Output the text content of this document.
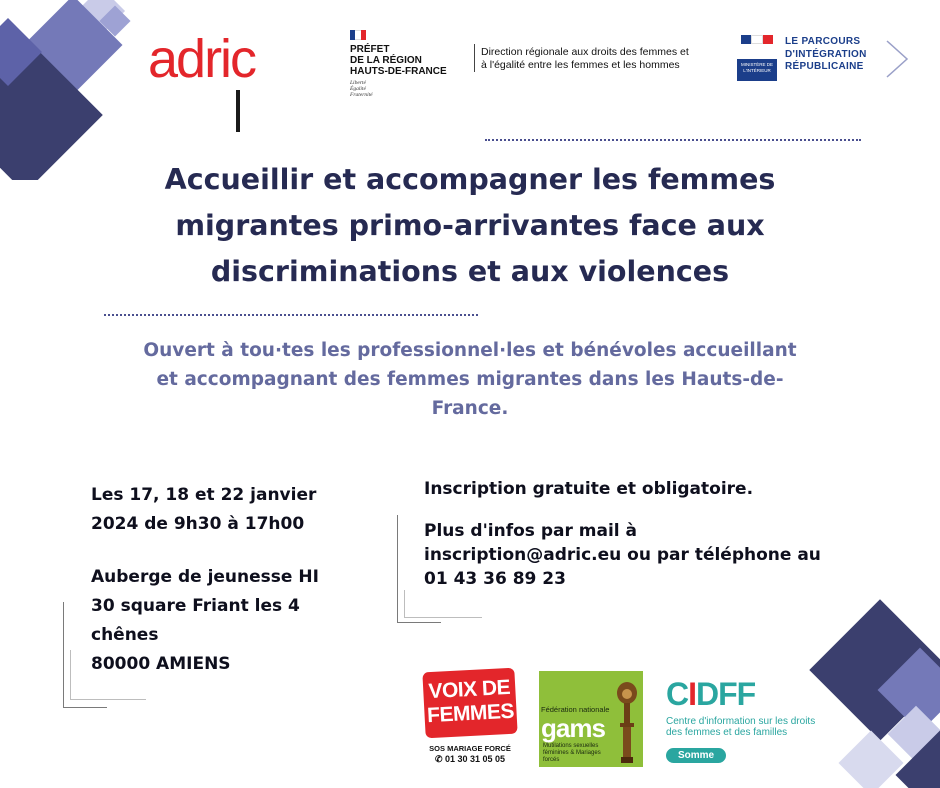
adric	PRÉFET
DE LA RÉGION
HAUTS-DE-FRANCE
Liberté
Égalité
Fraternité
Direction régionale aux droits des femmes et
à l'égalité entre les femmes et les hommes	MINISTÈRE DE L'INTÉRIEUR
LE PARCOURS
D'INTÉGRATION
RÉPUBLICAINE
Accueillir et accompagner les femmes
migrantes primo-arrivantes face aux
discriminations et aux violences
Ouvert à tou·tes les professionnel·les et bénévoles accueillant
et accompagnant des femmes migrantes dans les Hauts-de-
France.
Les 17, 18 et 22 janvier
2024 de 9h30 à 17h00
Auberge de jeunesse HI
30 square Friant les 4
chênes
80000 AMIENS
Inscription gratuite et obligatoire.
Plus d'infos par mail à
inscription@adric.eu ou par téléphone au
01 43 36 89 23
VOIX DE
FEMMES
SOS MARIAGE FORCÉ
✆ 01 30 31 05 05
Fédération nationale
gams
Mutilations sexuelles féminines & Mariages forcés
CIDFF
Centre d'information sur les droits des femmes et des familles
Somme
